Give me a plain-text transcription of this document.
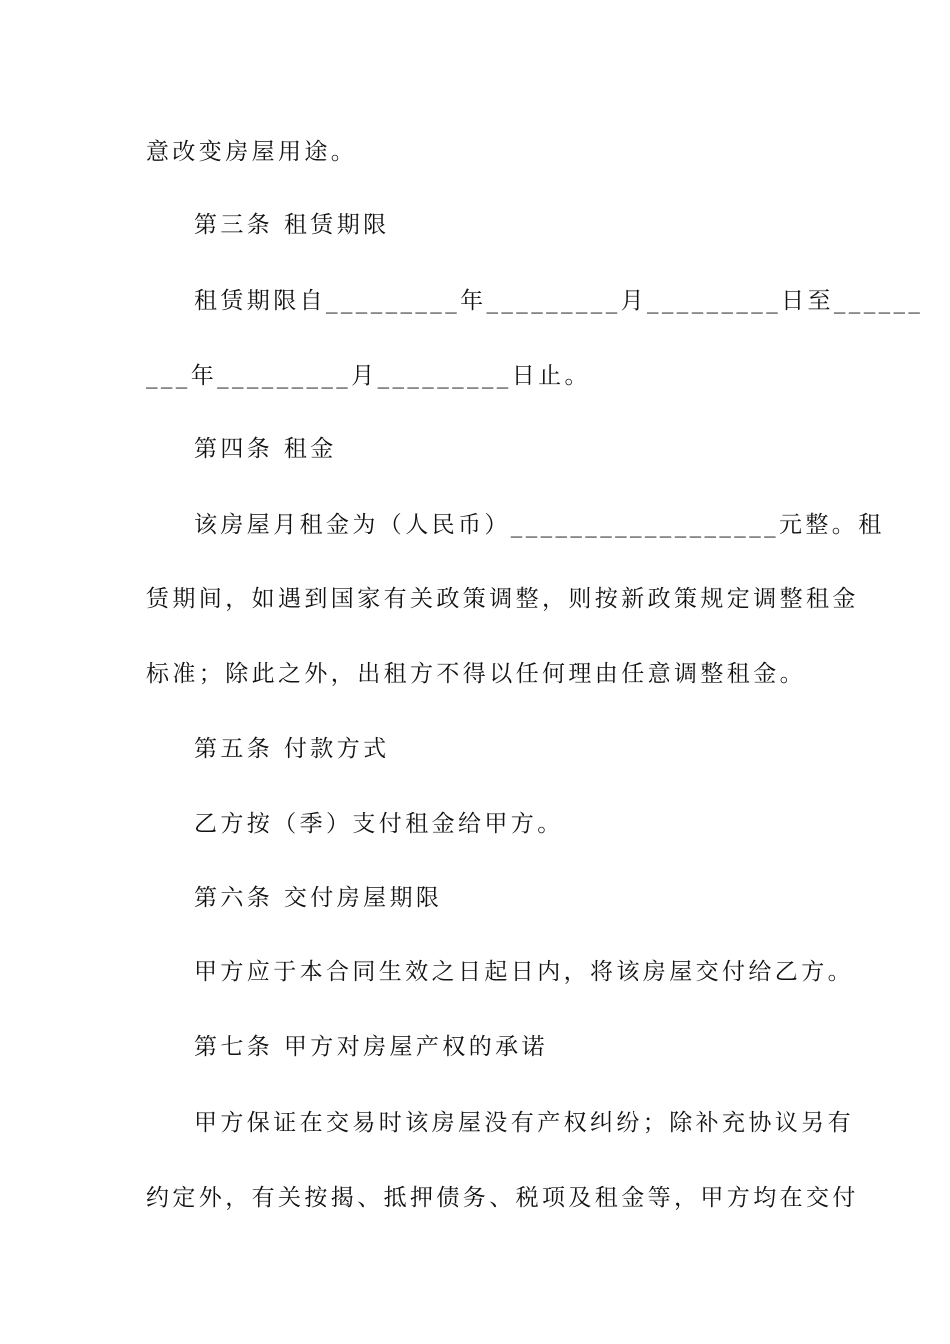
意改变房屋用途。
第三条 租赁期限
租赁期限自_________年_________月_________日至______
___年_________月_________日止。
第四条 租金
该房屋月租金为（人民币）__________________元整。租
赁期间，如遇到国家有关政策调整，则按新政策规定调整租金
标准；除此之外，出租方不得以任何理由任意调整租金。
第五条 付款方式
乙方按（季）支付租金给甲方。
第六条 交付房屋期限
甲方应于本合同生效之日起日内，将该房屋交付给乙方。
第七条 甲方对房屋产权的承诺
甲方保证在交易时该房屋没有产权纠纷；除补充协议另有
约定外，有关按揭、抵押债务、税项及租金等，甲方均在交付
